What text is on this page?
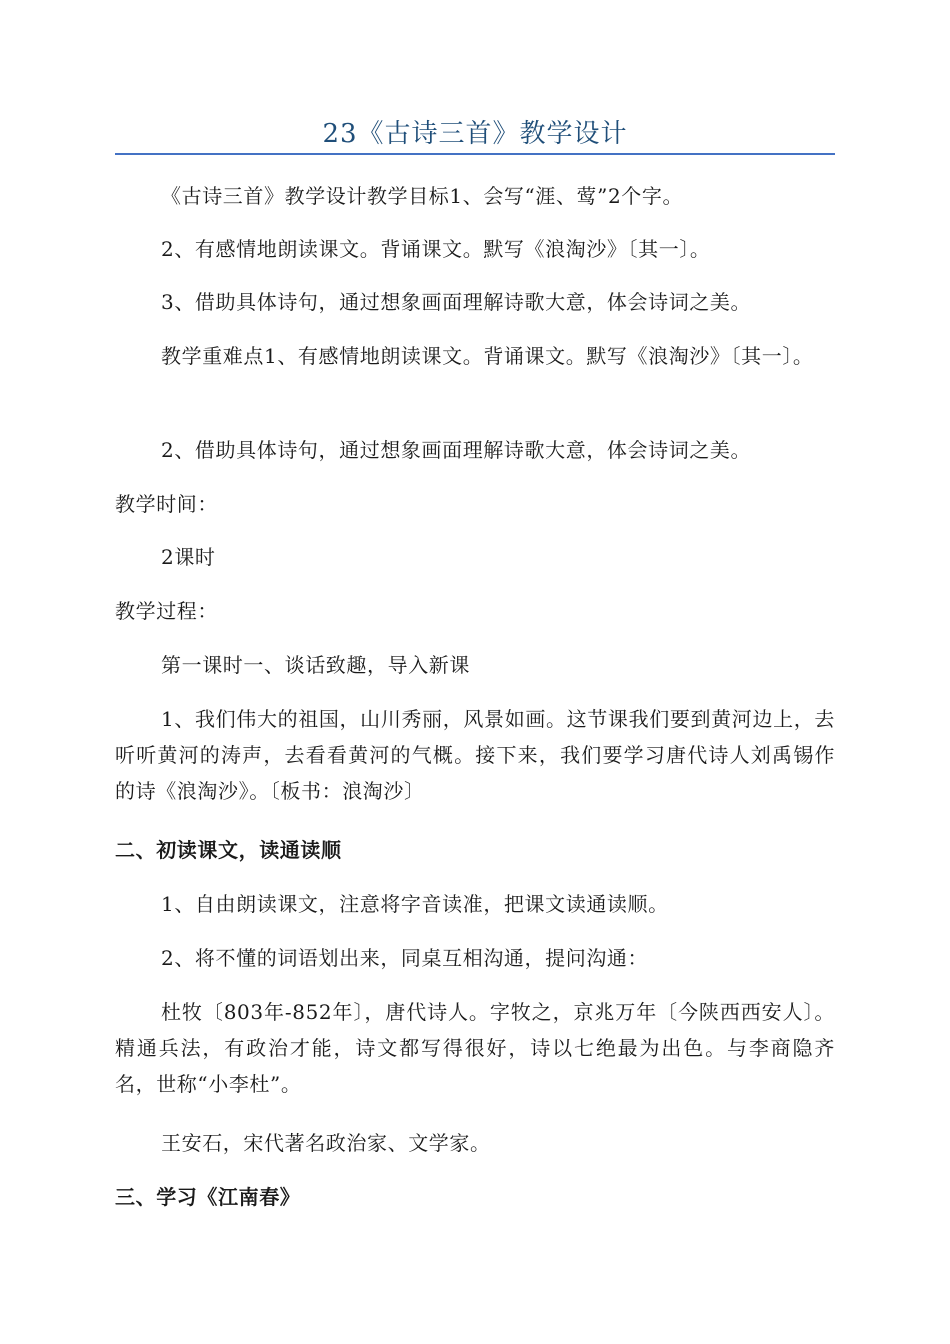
23《古诗三首》教学设计

《古诗三首》教学设计教学目标1、会写“涯、莺”2个字。

2、有感情地朗读课文。背诵课文。默写《浪淘沙》〔其一〕。

3、借助具体诗句，通过想象画面理解诗歌大意，体会诗词之美。

教学重难点1、有感情地朗读课文。背诵课文。默写《浪淘沙》〔其一〕。

2、借助具体诗句，通过想象画面理解诗歌大意，体会诗词之美。

教学时间：

2课时

教学过程：

第一课时一、谈话致趣，导入新课

1、我们伟大的祖国，山川秀丽，风景如画。这节课我们要到黄河边上，去听听黄河的涛声，去看看黄河的气概。接下来，我们要学习唐代诗人刘禹锡作的诗《浪淘沙》。〔板书：浪淘沙〕

二、初读课文，读通读顺

1、自由朗读课文，注意将字音读准，把课文读通读顺。

2、将不懂的词语划出来，同桌互相沟通，提问沟通：

杜牧〔803年-852年〕，唐代诗人。字牧之，京兆万年〔今陕西西安人〕。精通兵法，有政治才能，诗文都写得很好，诗以七绝最为出色。与李商隐齐名，世称“小李杜”。

王安石，宋代著名政治家、文学家。

三、学习《江南春》
